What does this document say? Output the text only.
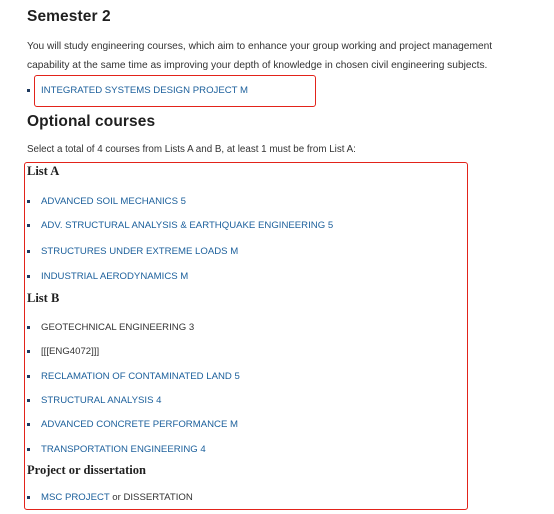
Semester 2
You will study engineering courses, which aim to enhance your group working and project management
capability at the same time as improving your depth of knowledge in chosen civil engineering subjects.
INTEGRATED SYSTEMS DESIGN PROJECT M
Optional courses
Select a total of 4 courses from Lists A and B, at least 1 must be from List A:
List A
ADVANCED SOIL MECHANICS 5
ADV. STRUCTURAL ANALYSIS & EARTHQUAKE ENGINEERING 5
STRUCTURES UNDER EXTREME LOADS M
INDUSTRIAL AERODYNAMICS M
List B
GEOTECHNICAL ENGINEERING 3
[[[ENG4072]]]
RECLAMATION OF CONTAMINATED LAND 5
STRUCTURAL ANALYSIS 4
ADVANCED CONCRETE PERFORMANCE M
TRANSPORTATION ENGINEERING 4
Project or dissertation
MSC PROJECT or DISSERTATION
